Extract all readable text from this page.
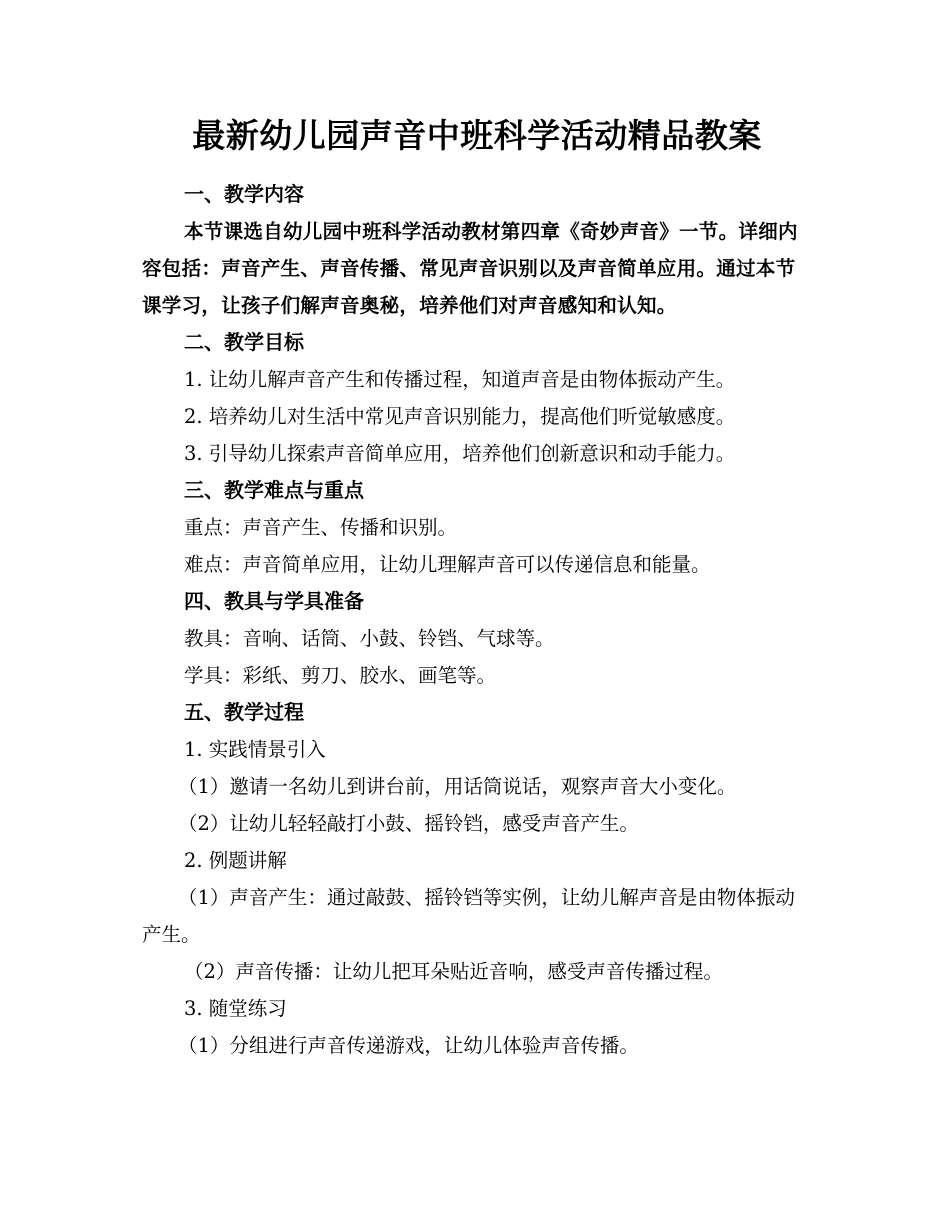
最新幼儿园声音中班科学活动精品教案

一、教学内容

本节课选自幼儿园中班科学活动教材第四章《奇妙声音》一节。详细内容包括：声音产生、声音传播、常见声音识别以及声音简单应用。通过本节课学习，让孩子们解声音奥秘，培养他们对声音感知和认知。

二、教学目标

1. 让幼儿解声音产生和传播过程，知道声音是由物体振动产生。

2. 培养幼儿对生活中常见声音识别能力，提高他们听觉敏感度。

3. 引导幼儿探索声音简单应用，培养他们创新意识和动手能力。

三、教学难点与重点

重点：声音产生、传播和识别。

难点：声音简单应用，让幼儿理解声音可以传递信息和能量。

四、教具与学具准备

教具：音响、话筒、小鼓、铃铛、气球等。

学具：彩纸、剪刀、胶水、画笔等。

五、教学过程

1. 实践情景引入

（1）邀请一名幼儿到讲台前，用话筒说话，观察声音大小变化。

（2）让幼儿轻轻敲打小鼓、摇铃铛，感受声音产生。

2. 例题讲解

（1）声音产生：通过敲鼓、摇铃铛等实例，让幼儿解声音是由物体振动产生。

（2）声音传播：让幼儿把耳朵贴近音响，感受声音传播过程。

3. 随堂练习

（1）分组进行声音传递游戏，让幼儿体验声音传播。
